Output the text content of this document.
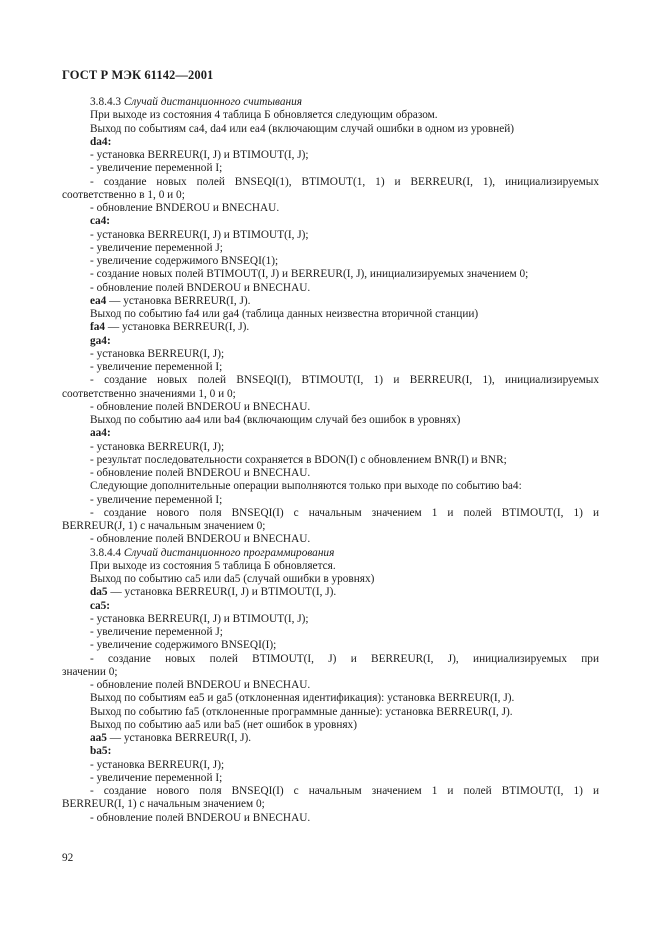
ГОСТ Р МЭК 61142—2001
3.8.4.3 Случай дистанционного считывания
При выходе из состояния 4 таблица Б обновляется следующим образом.
Выход по событиям ca4, da4 или ea4 (включающим случай ошибки в одном из уровней)
da4:
- установка BERREUR(I, J) и BTIMOUT(I, J);
- увеличение переменной I;
- создание новых полей BNSEQI(1), BTIMOUT(1, 1) и BERREUR(I, 1), инициализируемых
соответственно в 1, 0 и 0;
- обновление BNDEROU и BNECHAU.
ca4:
- установка BERREUR(I, J) и BTIMOUT(I, J);
- увеличение переменной J;
- увеличение содержимого BNSEQI(1);
- создание новых полей BTIMOUT(I, J) и BERREUR(I, J), инициализируемых значением 0;
- обновление полей BNDEROU и BNECHAU.
ea4 — установка BERREUR(I, J).
Выход по событию fa4 или ga4 (таблица данных неизвестна вторичной станции)
fa4 — установка BERREUR(I, J).
ga4:
- установка BERREUR(I, J);
- увеличение переменной I;
- создание новых полей BNSEQI(I), BTIMOUT(I, 1) и BERREUR(I, 1), инициализируемых
соответственно значениями 1, 0 и 0;
- обновление полей BNDEROU и BNECHAU.
Выход по событию aa4 или ba4 (включающим случай без ошибок в уровнях)
aa4:
- установка BERREUR(I, J);
- результат последовательности сохраняется в BDON(I) с обновлением BNR(I) и BNR;
- обновление полей BNDEROU и BNECHAU.
Следующие дополнительные операции выполняются только при выходе по событию ba4:
- увеличение переменной I;
- создание нового поля BNSEQI(I) с начальным значением 1 и полей BTIMOUT(I, 1) и
BERREUR(J, 1) с начальным значением 0;
- обновление полей BNDEROU и BNECHAU.
3.8.4.4 Случай дистанционного программирования
При выходе из состояния 5 таблица Б обновляется.
Выход по событию ca5 или da5 (случай ошибки в уровнях)
da5 — установка BERREUR(I, J) и BTIMOUT(I, J).
ca5:
- установка BERREUR(I, J) и BTIMOUT(I, J);
- увеличение переменной J;
- увеличение содержимого BNSEQI(I);
- создание новых полей BTIMOUT(I, J) и BERREUR(I, J), инициализируемых при
значении 0;
- обновление полей BNDEROU и BNECHAU.
Выход по событиям ea5 и ga5 (отклоненная идентификация): установка BERREUR(I, J).
Выход по событию fa5 (отклоненные программные данные): установка BERREUR(I, J).
Выход по событию aa5 или ba5 (нет ошибок в уровнях)
aa5 — установка BERREUR(I, J).
ba5:
- установка BERREUR(I, J);
- увеличение переменной I;
- создание нового поля BNSEQI(I) с начальным значением 1 и полей BTIMOUT(I, 1) и
BERREUR(I, 1) с начальным значением 0;
- обновление полей BNDEROU и BNECHAU.
92
